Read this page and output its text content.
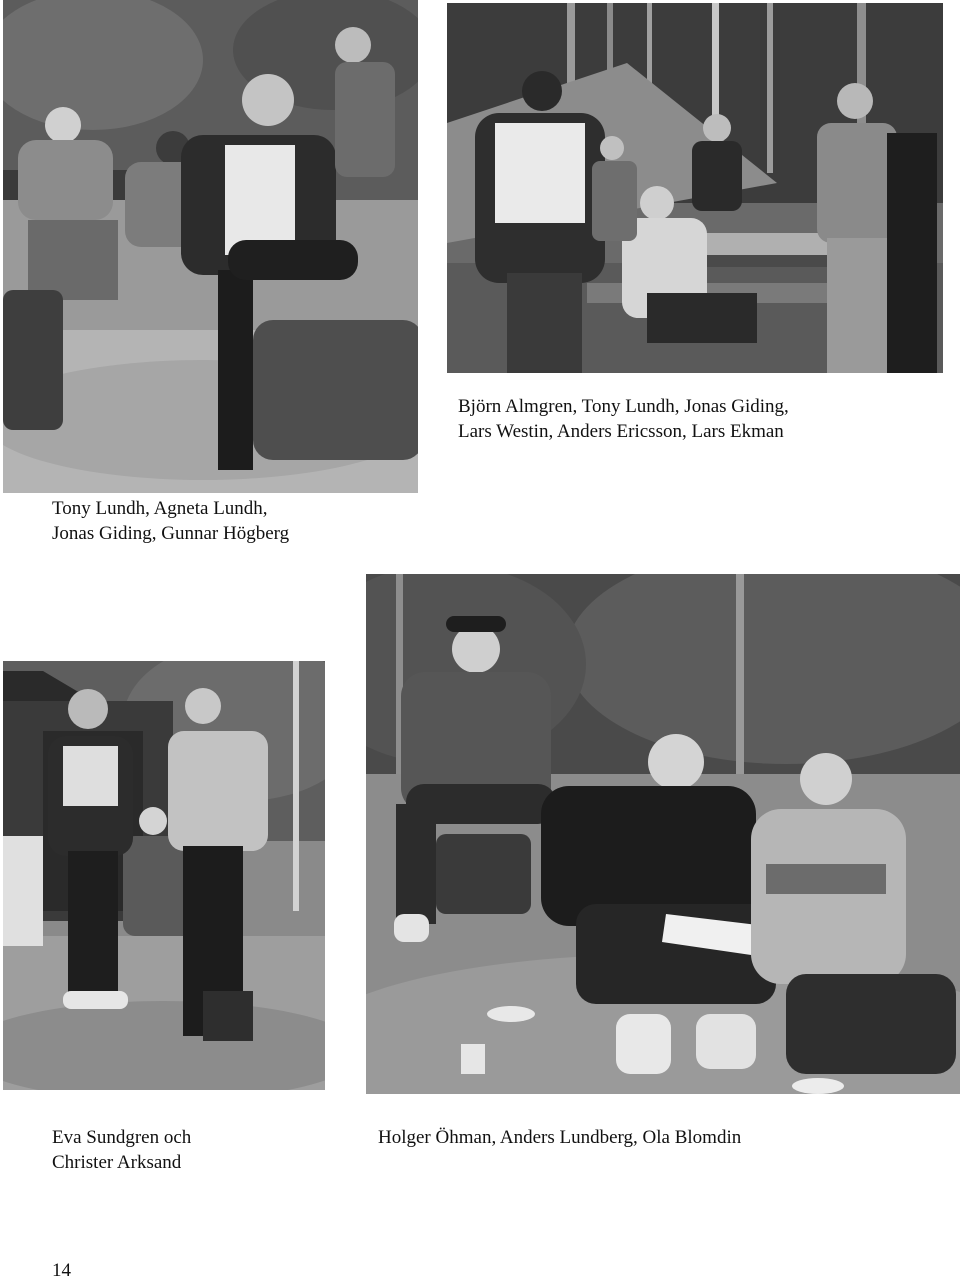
Tony Lundh, Agneta Lundh,
Jonas Giding, Gunnar Högberg
Björn Almgren, Tony Lundh, Jonas Giding,
Lars Westin, Anders Ericsson, Lars Ekman
Eva Sundgren och
Christer Arksand
Holger Öhman, Anders Lundberg, Ola Blomdin
14
